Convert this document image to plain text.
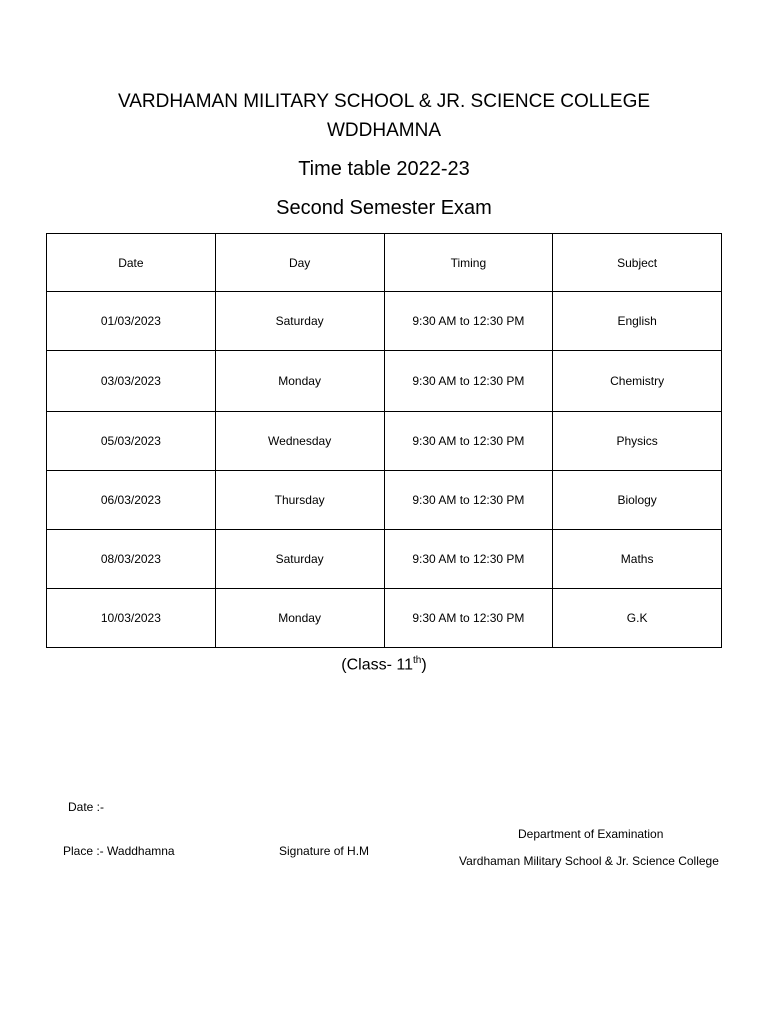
VARDHAMAN MILITARY SCHOOL & JR. SCIENCE COLLEGE
WDDHAMNA
Time table 2022-23
Second Semester Exam
Date	Day	Timing	Subject
01/03/2023	Saturday	9:30 AM to 12:30 PM	English
03/03/2023	Monday	9:30 AM to 12:30 PM	Chemistry
05/03/2023	Wednesday	9:30 AM to 12:30 PM	Physics
06/03/2023	Thursday	9:30 AM to 12:30 PM	Biology
08/03/2023	Saturday	9:30 AM to 12:30 PM	Maths
10/03/2023	Monday	9:30 AM to 12:30 PM	G.K
(Class- 11th)
Date :-
Place :- Waddhamna	Signature of H.M
Department of Examination
Vardhaman Military School & Jr. Science College
